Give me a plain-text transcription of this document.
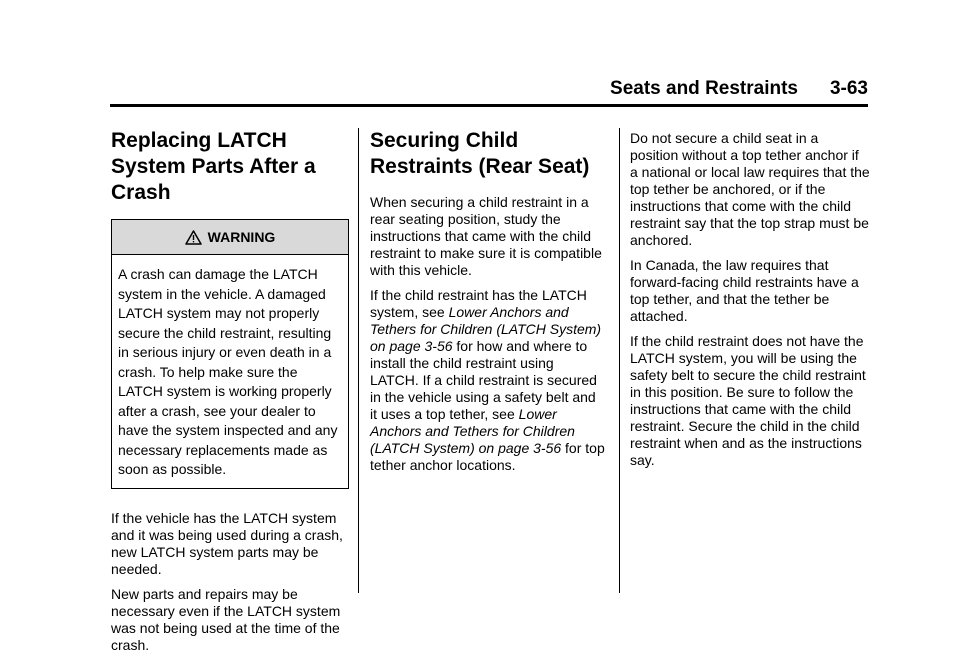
Seats and Restraints 3-63
Replacing LATCH System Parts After a Crash
WARNING
A crash can damage the LATCH system in the vehicle. A damaged LATCH system may not properly secure the child restraint, resulting in serious injury or even death in a crash. To help make sure the LATCH system is working properly after a crash, see your dealer to have the system inspected and any necessary replacements made as soon as possible.

If the vehicle has the LATCH system and it was being used during a crash, new LATCH system parts may be needed.

New parts and repairs may be necessary even if the LATCH system was not being used at the time of the crash.

Securing Child Restraints (Rear Seat)

When securing a child restraint in a rear seating position, study the instructions that came with the child restraint to make sure it is compatible with this vehicle.

If the child restraint has the LATCH system, see Lower Anchors and Tethers for Children (LATCH System) on page 3-56 for how and where to install the child restraint using LATCH. If a child restraint is secured in the vehicle using a safety belt and it uses a top tether, see Lower Anchors and Tethers for Children (LATCH System) on page 3-56 for top tether anchor locations.

Do not secure a child seat in a position without a top tether anchor if a national or local law requires that the top tether be anchored, or if the instructions that come with the child restraint say that the top strap must be anchored.

In Canada, the law requires that forward-facing child restraints have a top tether, and that the tether be attached.

If the child restraint does not have the LATCH system, you will be using the safety belt to secure the child restraint in this position. Be sure to follow the instructions that came with the child restraint. Secure the child in the child restraint when and as the instructions say.
